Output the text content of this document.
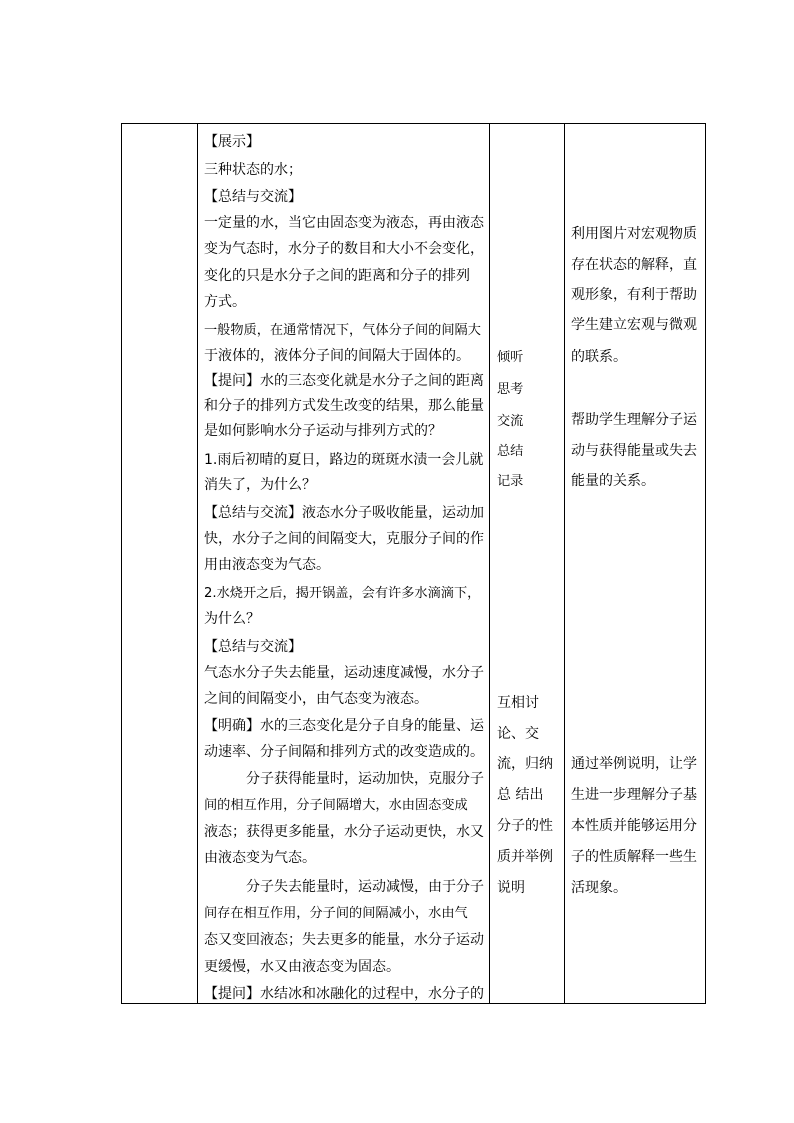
【展示】
三种状态的水；
【总结与交流】
一定量的水，当它由固态变为液态，再由液态
变为气态时，水分子的数目和大小不会变化，
变化的只是水分子之间的距离和分子的排列
方式。
一般物质，在通常情况下，气体分子间的间隔大
于液体的，液体分子间的间隔大于固体的。
【提问】水的三态变化就是水分子之间的距离
和分子的排列方式发生改变的结果，那么能量
是如何影响水分子运动与排列方式的？
1.雨后初晴的夏日，路边的斑斑水渍一会儿就
消失了，为什么？
【总结与交流】液态水分子吸收能量，运动加
快，水分子之间的间隔变大，克服分子间的作
用由液态变为气态。
2.水烧开之后，揭开锅盖，会有许多水滴滴下，
为什么？
【总结与交流】
气态水分子失去能量，运动速度减慢，水分子
之间的间隔变小，由气态变为液态。
【明确】水的三态变化是分子自身的能量、运
动速率、分子间隔和排列方式的改变造成的。
分子获得能量时，运动加快，克服分子
间的相互作用，分子间隔增大，水由固态变成
液态；获得更多能量，水分子运动更快，水又
由液态变为气态。
分子失去能量时，运动减慢，由于分子
间存在相互作用，分子间的间隔减小，水由气
态又变回液态；失去更多的能量，水分子运动
更缓慢，水又由液态变为固态。
【提问】水结冰和冰融化的过程中，水分子的
倾听
思考
交流
总结
记录
互相讨
论、交
流，归纳
总 结出
分子的性
质并举例
说明
利用图片对宏观物质
存在状态的解释，直
观形象，有利于帮助
学生建立宏观与微观
的联系。
帮助学生理解分子运
动与获得能量或失去
能量的关系。
通过举例说明，让学
生进一步理解分子基
本性质并能够运用分
子的性质解释一些生
活现象。
